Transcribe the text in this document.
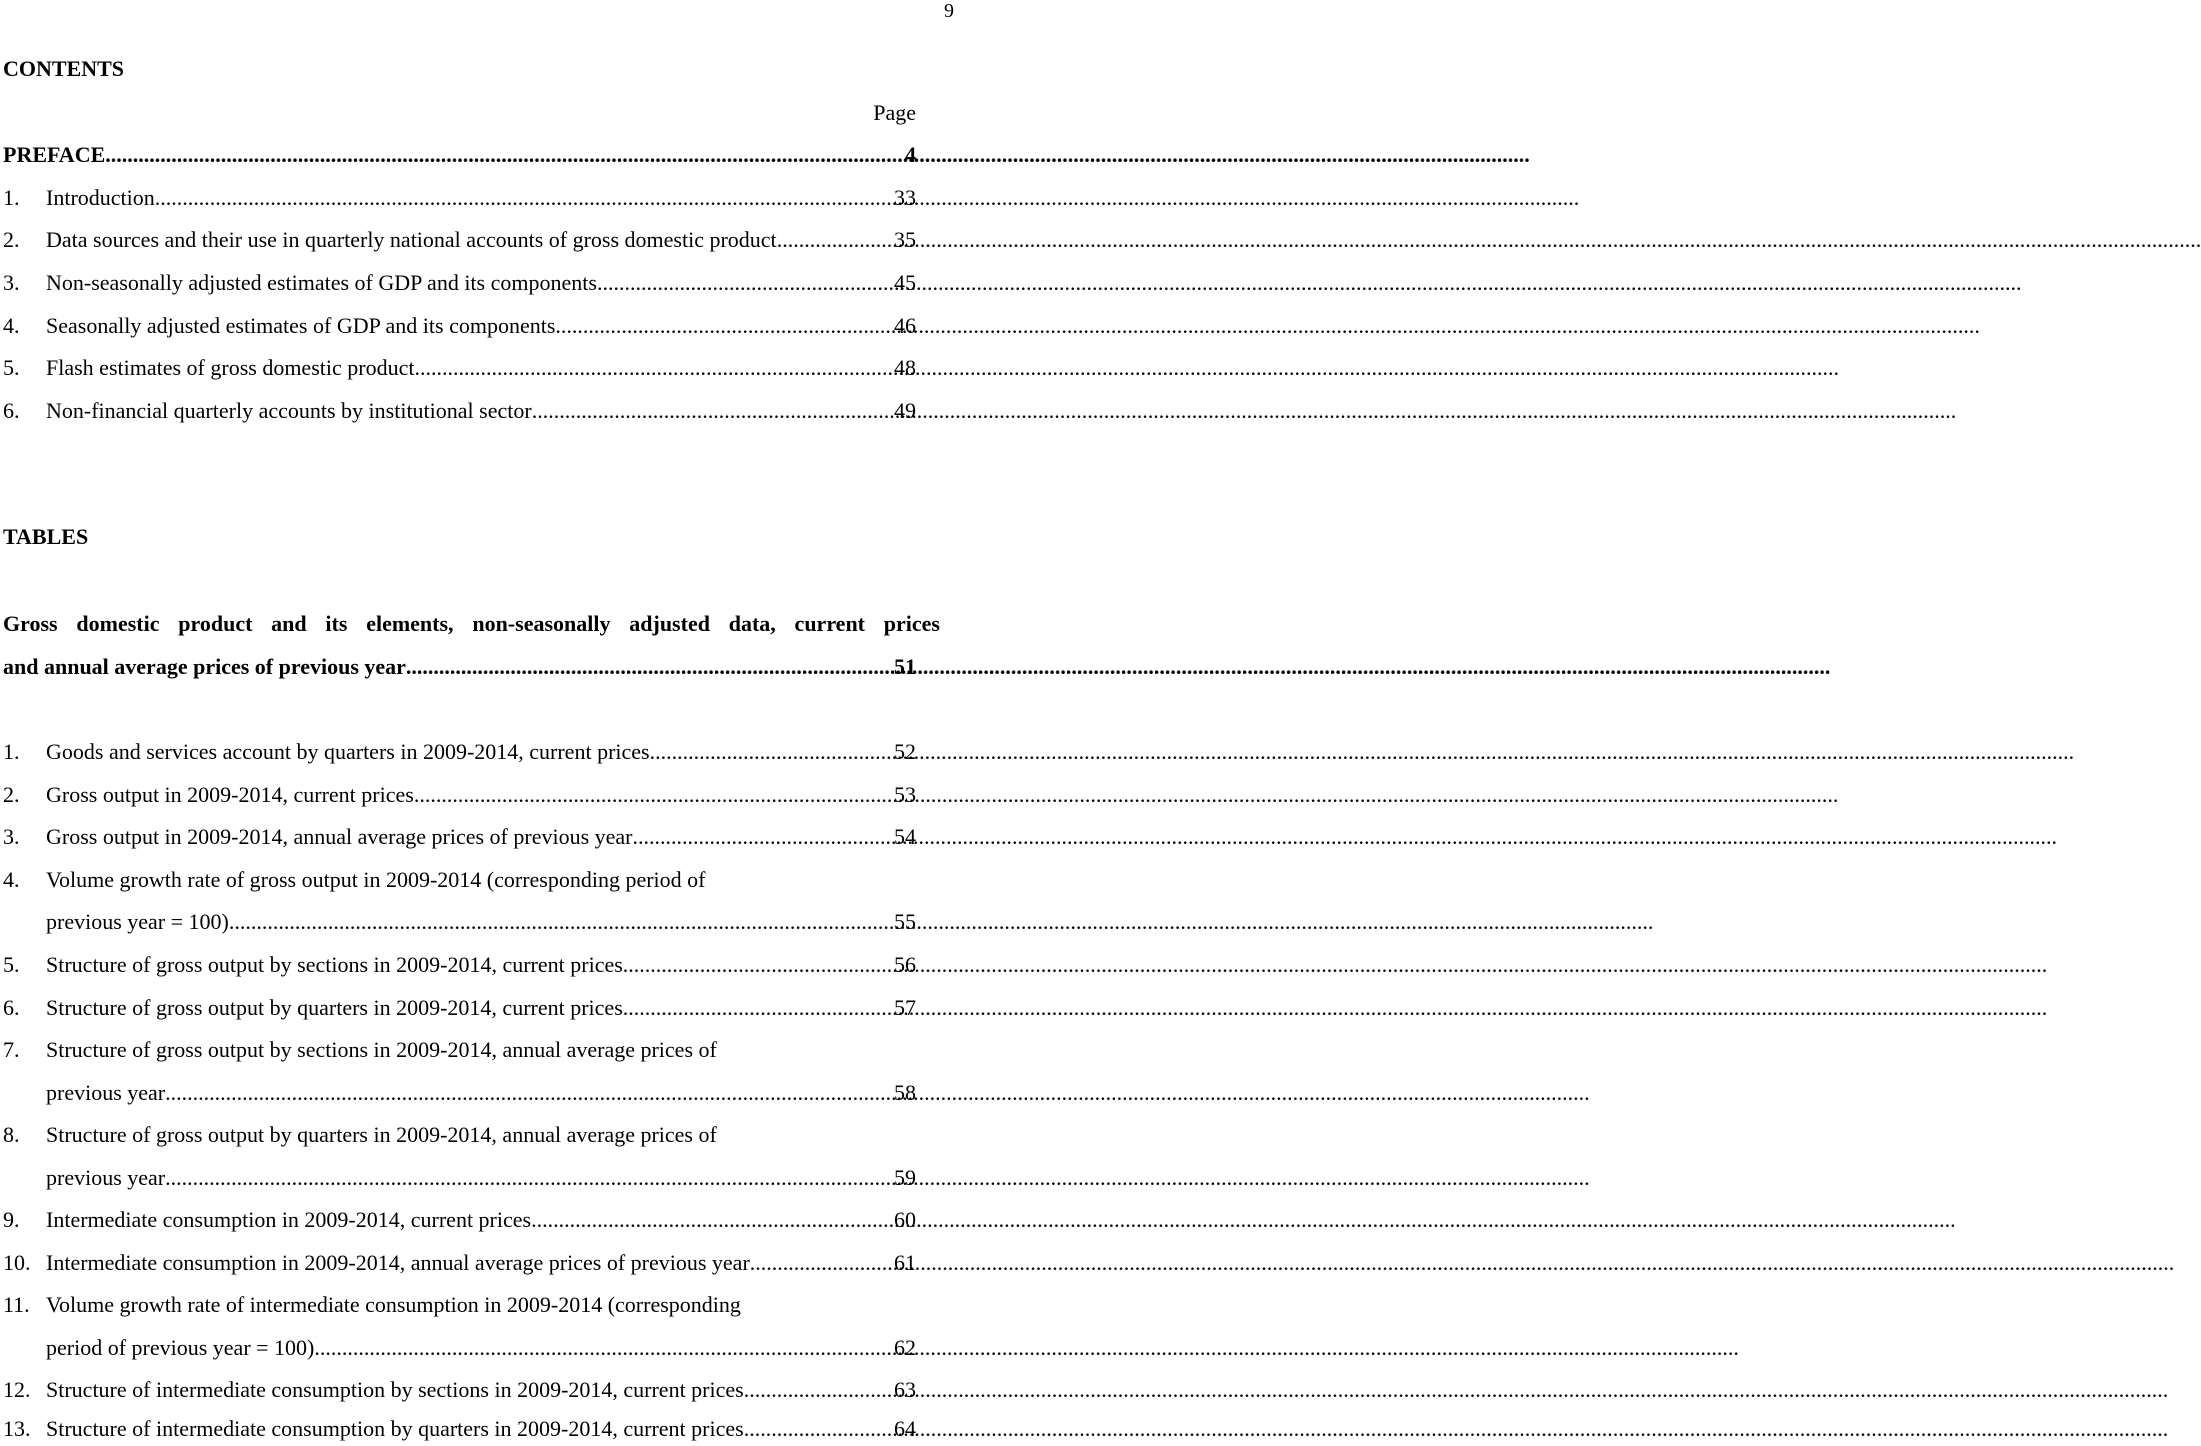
9
CONTENTS
Page
PREFACE .....	4
1.	Introduction .....	33
2.	Data sources and their use in quarterly national accounts of gross domestic product .....	35
3.	Non-seasonally adjusted estimates of GDP and its components .....	45
4.	Seasonally adjusted estimates of GDP and its components .....	46
5.	Flash estimates of gross domestic product .....	48
6.	Non-financial quarterly accounts by institutional sector .....	49
TABLES
Gross domestic product and its elements, non-seasonally adjusted data, current prices
and annual average prices of previous year .....	51
1.	Goods and services account by quarters in 2009-2014, current prices .....	52
2.	Gross output in 2009-2014, current prices .....	53
3.	Gross output in 2009-2014, annual average prices of previous year .....	54
4.	Volume growth rate of gross output in 2009-2014 (corresponding period of
previous year = 100) .....	55
5.	Structure of gross output by sections in 2009-2014, current prices .....	56
6.	Structure of gross output by quarters in 2009-2014, current prices .....	57
7.	Structure of gross output by sections in 2009-2014, annual average prices of
previous year .....	58
8.	Structure of gross output by quarters in 2009-2014, annual average prices of
previous year .....	59
9.	Intermediate consumption in 2009-2014, current prices .....	60
10. Intermediate consumption in 2009-2014, annual average prices of previous year .....	61
11. Volume growth rate of intermediate consumption in 2009-2014 (corresponding
period of previous year = 100) .....	62
12. Structure of intermediate consumption by sections in 2009-2014, current prices .....	63
13. Structure of intermediate consumption by quarters in 2009-2014, current prices .....	64
